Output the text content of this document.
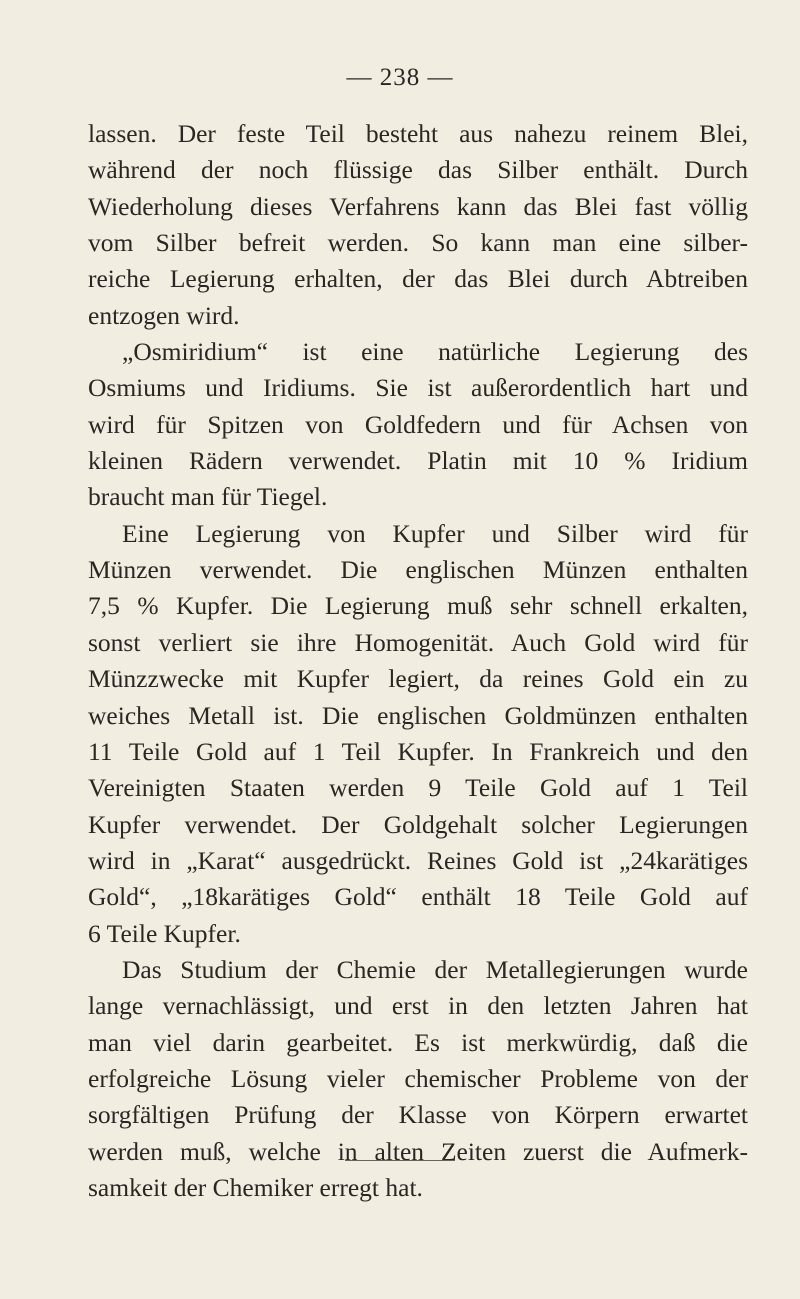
— 238 —
lassen. Der feste Teil besteht aus nahezu reinem Blei,
während der noch flüssige das Silber enthält. Durch
Wiederholung dieses Verfahrens kann das Blei fast völlig
vom Silber befreit werden. So kann man eine silber-
reiche Legierung erhalten, der das Blei durch Abtreiben
entzogen wird.
„Osmiridium“ ist eine natürliche Legierung des
Osmiums und Iridiums. Sie ist außerordentlich hart und
wird für Spitzen von Goldfedern und für Achsen von
kleinen Rädern verwendet. Platin mit 10 % Iridium
braucht man für Tiegel.
Eine Legierung von Kupfer und Silber wird für
Münzen verwendet. Die englischen Münzen enthalten
7,5 % Kupfer. Die Legierung muß sehr schnell erkalten,
sonst verliert sie ihre Homogenität. Auch Gold wird für
Münzzwecke mit Kupfer legiert, da reines Gold ein zu
weiches Metall ist. Die englischen Goldmünzen enthalten
11 Teile Gold auf 1 Teil Kupfer. In Frankreich und den
Vereinigten Staaten werden 9 Teile Gold auf 1 Teil
Kupfer verwendet. Der Goldgehalt solcher Legierungen
wird in „Karat“ ausgedrückt. Reines Gold ist „24karätiges
Gold“, „18karätiges Gold“ enthält 18 Teile Gold auf
6 Teile Kupfer.
Das Studium der Chemie der Metallegierungen wurde
lange vernachlässigt, und erst in den letzten Jahren hat
man viel darin gearbeitet. Es ist merkwürdig, daß die
erfolgreiche Lösung vieler chemischer Probleme von der
sorgfältigen Prüfung der Klasse von Körpern erwartet
werden muß, welche in alten Zeiten zuerst die Aufmerk-
samkeit der Chemiker erregt hat.
